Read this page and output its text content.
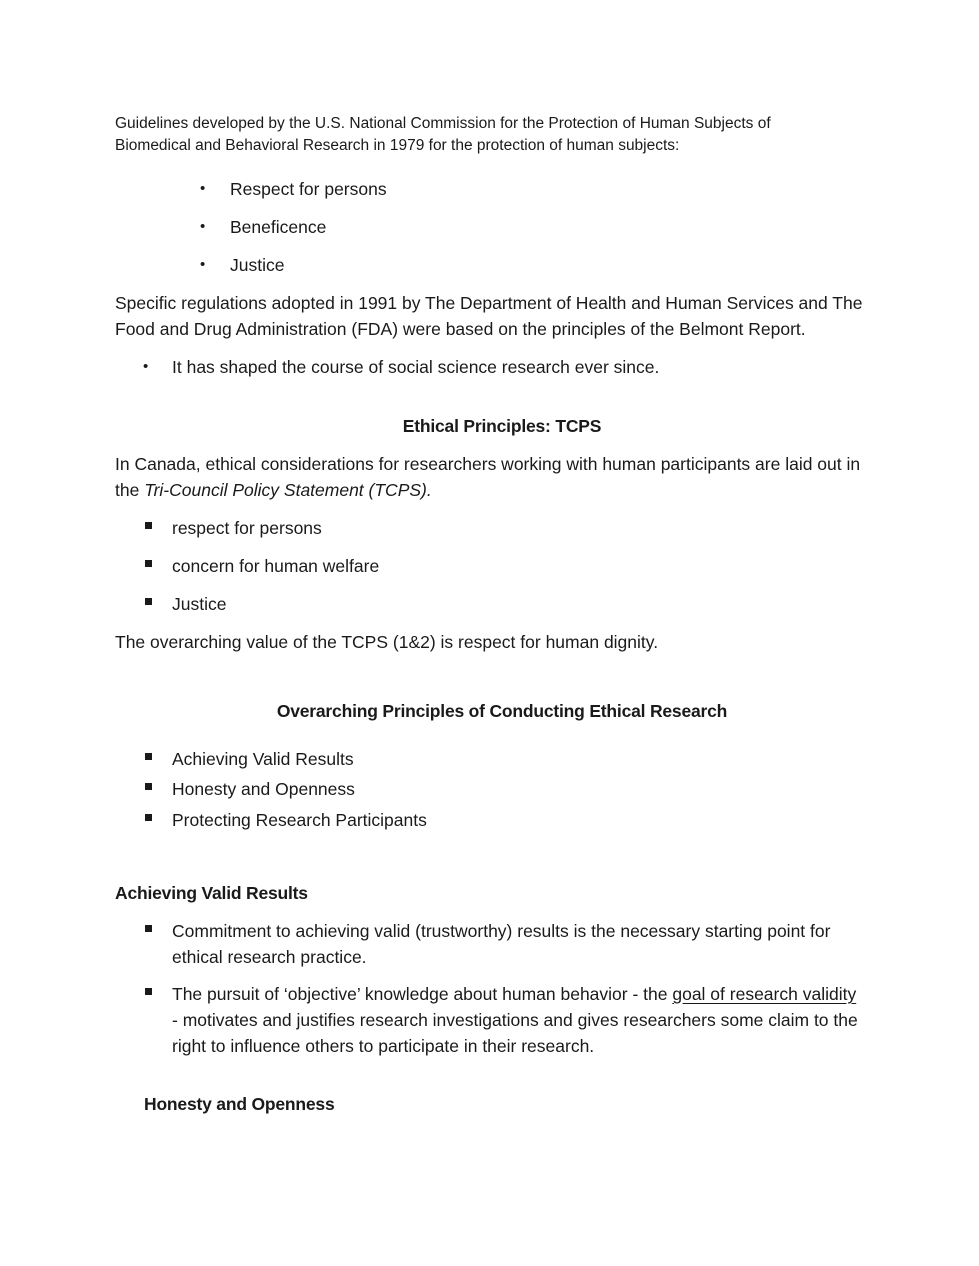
Guidelines developed by the U.S. National Commission for the Protection of Human Subjects of Biomedical and Behavioral Research in 1979 for the protection of human subjects:

• Respect for persons
• Beneficence
• Justice

Specific regulations adopted in 1991 by The Department of Health and Human Services and The Food and Drug Administration (FDA) were based on the principles of the Belmont Report.

• It has shaped the course of social science research ever since.

Ethical Principles: TCPS

In Canada, ethical considerations for researchers working with human participants are laid out in the Tri-Council Policy Statement (TCPS).

respect for persons
concern for human welfare
Justice

The overarching value of the TCPS (1&2) is respect for human dignity.

Overarching Principles of Conducting Ethical Research

Achieving Valid Results
Honesty and Openness
Protecting Research Participants

Achieving Valid Results

Commitment to achieving valid (trustworthy) results is the necessary starting point for ethical research practice.

The pursuit of ‘objective’ knowledge about human behavior - the goal of research validity - motivates and justifies research investigations and gives researchers some claim to the right to influence others to participate in their research.

Honesty and Openness
